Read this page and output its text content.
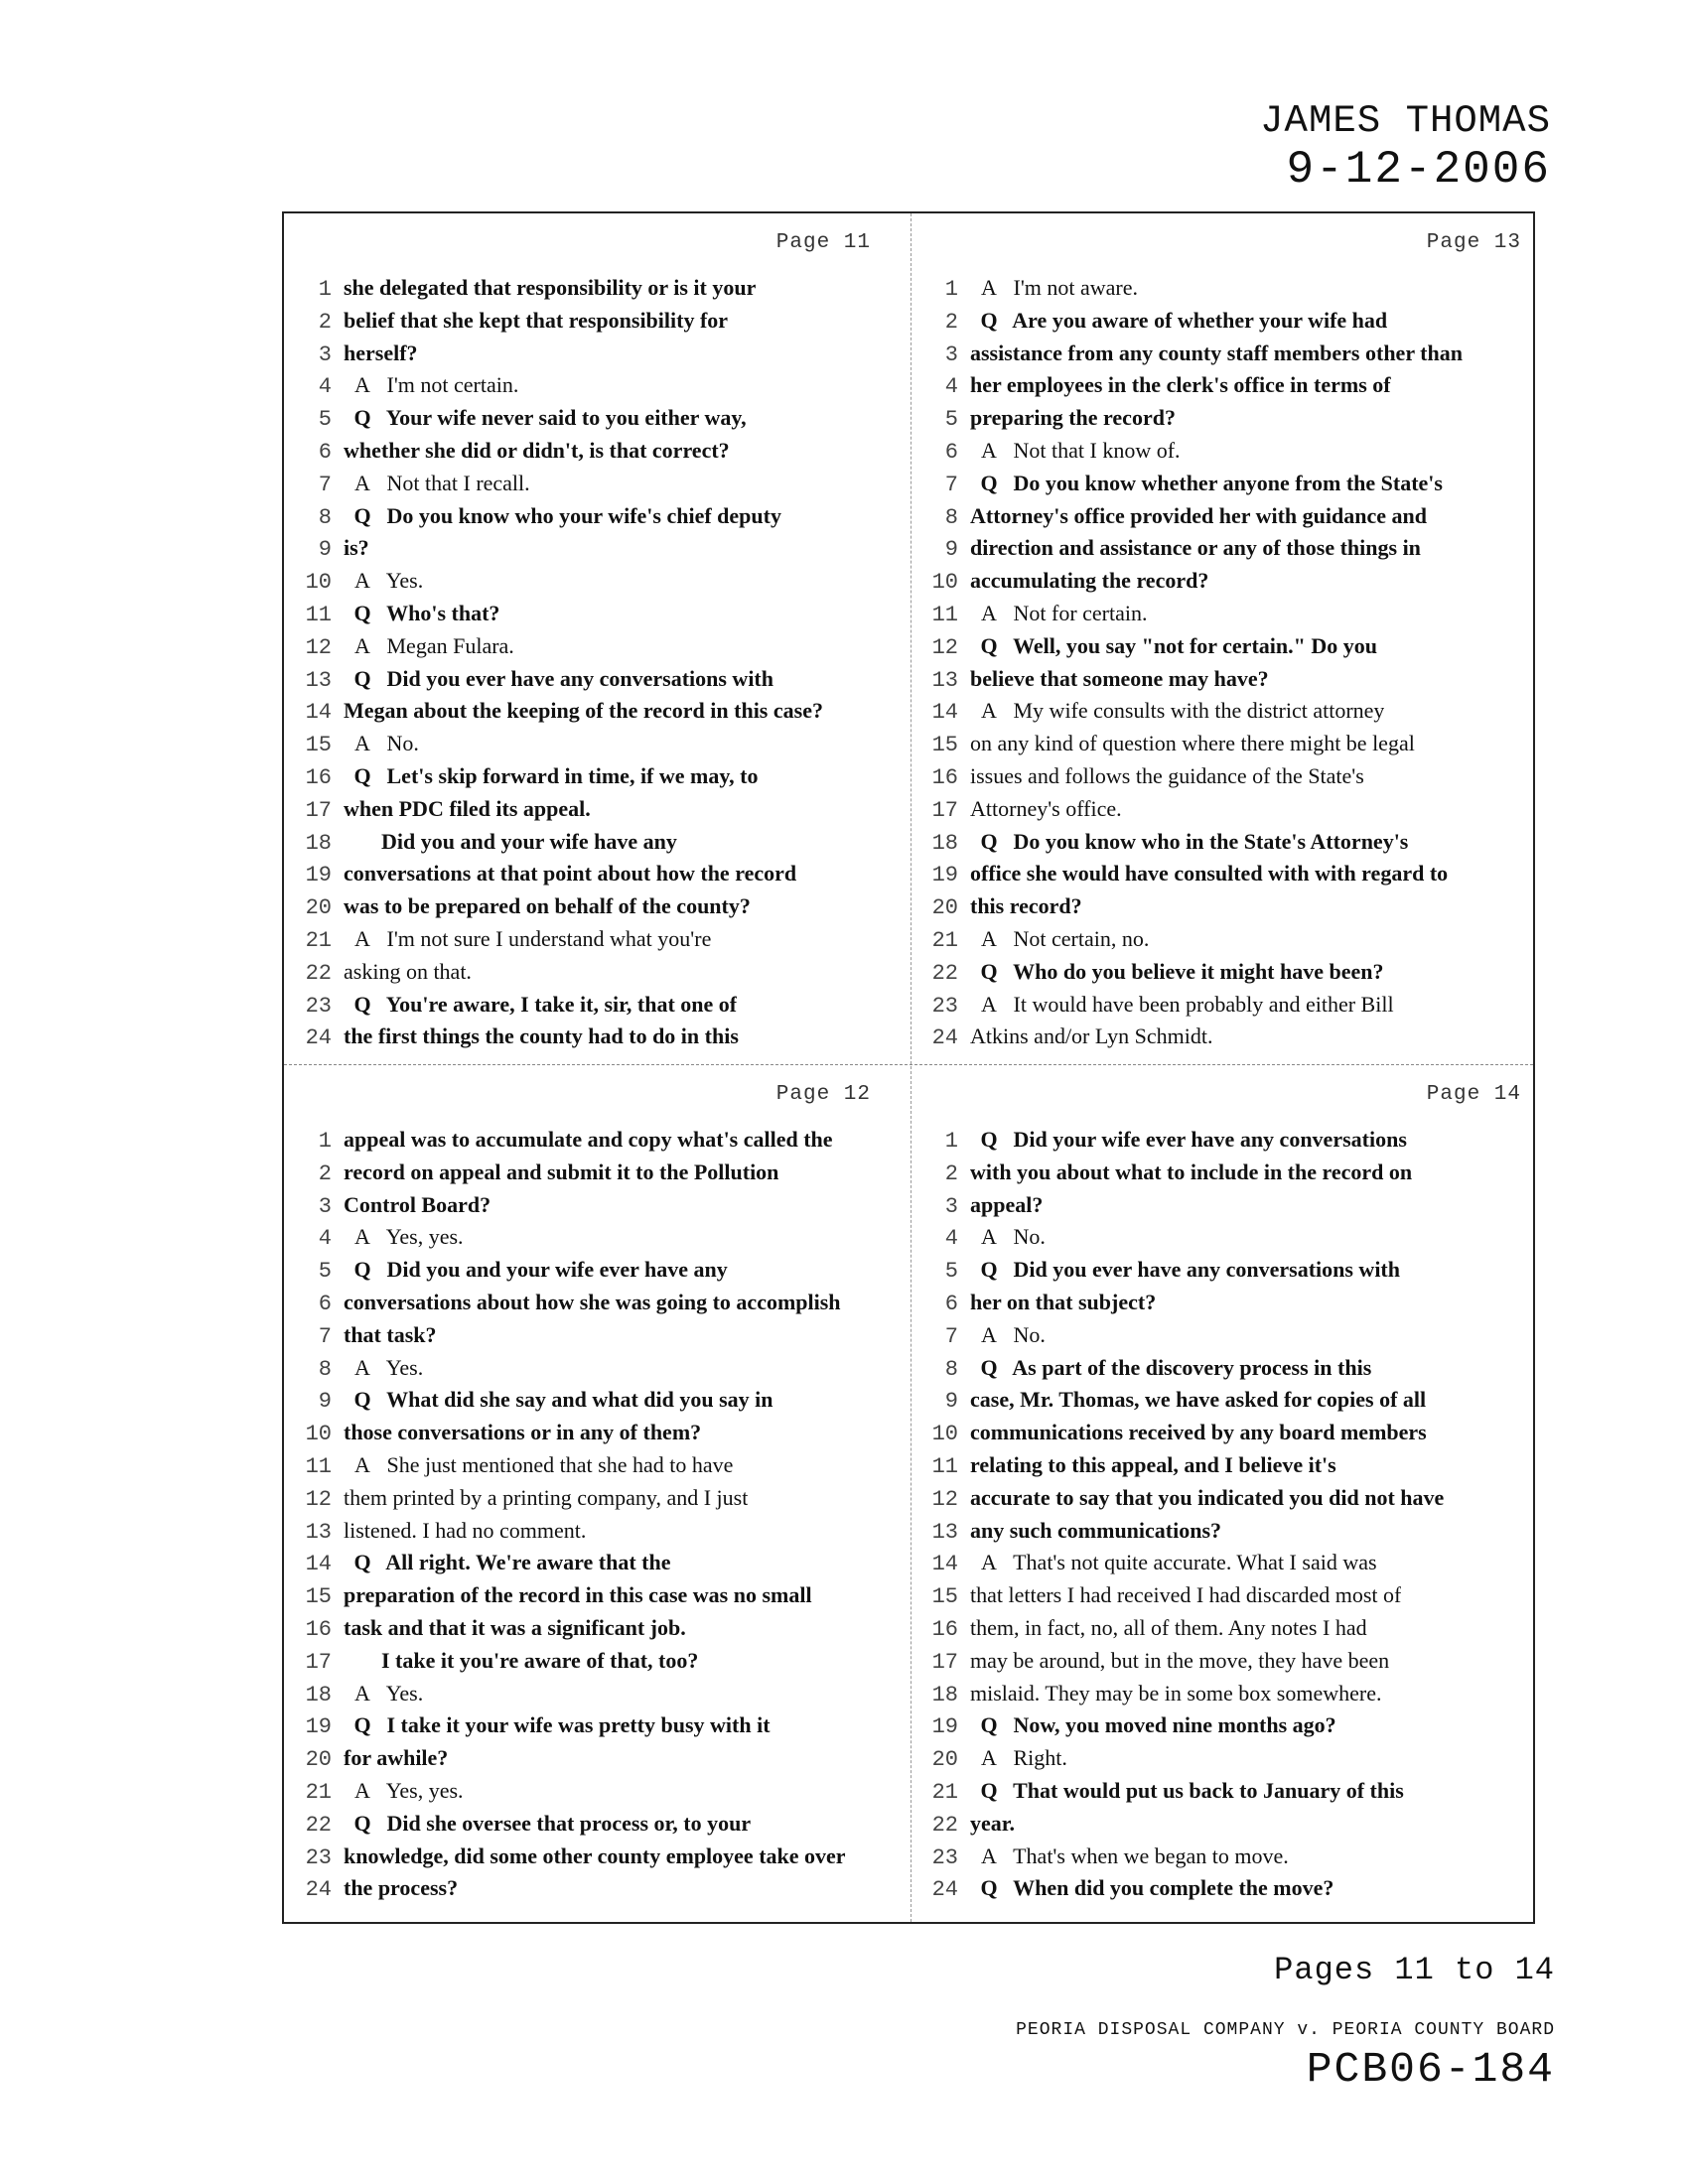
JAMES THOMAS
9-12-2006
Page 11
1 she delegated that responsibility or is it your
2 belief that she kept that responsibility for
3 herself?
4	A I'm not certain.
5	Q Your wife never said to you either way,
6 whether she did or didn't, is that correct?
7	A Not that I recall.
8	Q Do you know who your wife's chief deputy
9 is?
10	A Yes.
11	Q Who's that?
12	A Megan Fulara.
13	Q Did you ever have any conversations with
14 Megan about the keeping of the record in this case?
15	A No.
16	Q Let's skip forward in time, if we may, to
17 when PDC filed its appeal.
18	Did you and your wife have any
19 conversations at that point about how the record
20 was to be prepared on behalf of the county?
21	A I'm not sure I understand what you're
22 asking on that.
23	Q You're aware, I take it, sir, that one of
24 the first things the county had to do in this
Page 13
1	A I'm not aware.
2	Q Are you aware of whether your wife had
3 assistance from any county staff members other than
4 her employees in the clerk's office in terms of
5 preparing the record?
6	A Not that I know of.
7	Q Do you know whether anyone from the State's
8 Attorney's office provided her with guidance and
9 direction and assistance or any of those things in
10 accumulating the record?
11	A Not for certain.
12	Q Well, you say "not for certain." Do you
13 believe that someone may have?
14	A My wife consults with the district attorney
15 on any kind of question where there might be legal
16 issues and follows the guidance of the State's
17 Attorney's office.
18	Q Do you know who in the State's Attorney's
19 office she would have consulted with with regard to
20 this record?
21	A Not certain, no.
22	Q Who do you believe it might have been?
23	A It would have been probably and either Bill
24 Atkins and/or Lyn Schmidt.
Page 12
1 appeal was to accumulate and copy what's called the
2 record on appeal and submit it to the Pollution
3 Control Board?
4	A Yes, yes.
5	Q Did you and your wife ever have any
6 conversations about how she was going to accomplish
7 that task?
8	A Yes.
9	Q What did she say and what did you say in
10 those conversations or in any of them?
11	A She just mentioned that she had to have
12 them printed by a printing company, and I just
13 listened. I had no comment.
14	Q All right. We're aware that the
15 preparation of the record in this case was no small
16 task and that it was a significant job.
17	I take it you're aware of that, too?
18	A Yes.
19	Q I take it your wife was pretty busy with it
20 for awhile?
21	A Yes, yes.
22	Q Did she oversee that process or, to your
23 knowledge, did some other county employee take over
24 the process?
Page 14
1	Q Did your wife ever have any conversations
2 with you about what to include in the record on
3 appeal?
4	A No.
5	Q Did you ever have any conversations with
6 her on that subject?
7	A No.
8	Q As part of the discovery process in this
9 case, Mr. Thomas, we have asked for copies of all
10 communications received by any board members
11 relating to this appeal, and I believe it's
12 accurate to say that you indicated you did not have
13 any such communications?
14	A That's not quite accurate. What I said was
15 that letters I had received I had discarded most of
16 them, in fact, no, all of them. Any notes I had
17 may be around, but in the move, they have been
18 mislaid. They may be in some box somewhere.
19	Q Now, you moved nine months ago?
20	A Right.
21	Q That would put us back to January of this
22 year.
23	A That's when we began to move.
24	Q When did you complete the move?
Pages 11 to 14
PEORIA DISPOSAL COMPANY v. PEORIA COUNTY BOARD
PCB06-184
